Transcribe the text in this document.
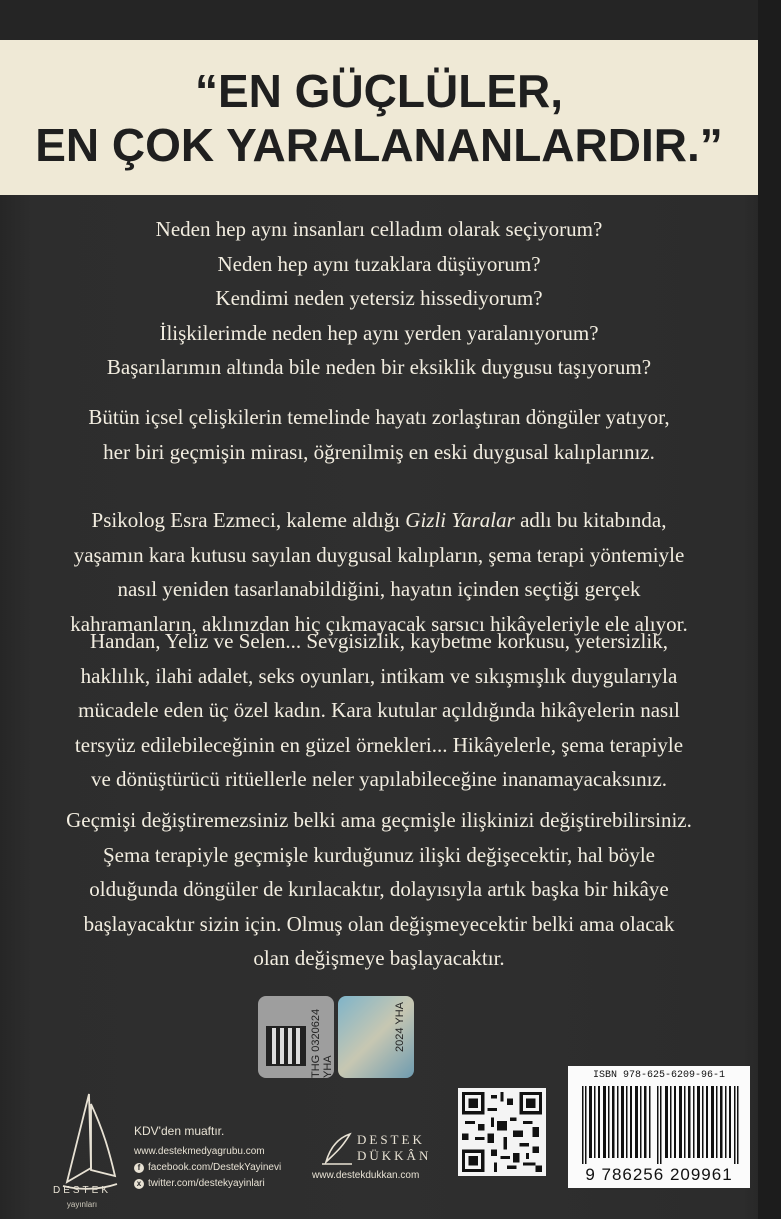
“EN GÜÇLÜLER,
EN ÇOK YARALANANLARDIR.”
Neden hep aynı insanları celladım olarak seçiyorum?
Neden hep aynı tuzaklara düşüyorum?
Kendimi neden yetersiz hissediyorum?
İlişkilerimde neden hep aynı yerden yaralanıyorum?
Başarılarımın altında bile neden bir eksiklik duygusu taşıyorum?
Bütün içsel çelişkilerin temelinde hayatı zorlaştıran döngüler yatıyor,
her biri geçmişin mirası, öğrenilmiş en eski duygusal kalıplarınız.
Psikolog Esra Ezmeci, kaleme aldığı Gizli Yaralar adlı bu kitabında,
yaşamın kara kutusu sayılan duygusal kalıpların, şema terapi yöntemiyle
nasıl yeniden tasarlanabildiğini, hayatın içinden seçtiği gerçek
kahramanların, aklınızdan hiç çıkmayacak sarsıcı hikâyeleriyle ele alıyor.
Handan, Yeliz ve Selen... Sevgisizlik, kaybetme korkusu, yetersizlik,
haklılık, ilahi adalet, seks oyunları, intikam ve sıkışmışlık duygularıyla
mücadele eden üç özel kadın. Kara kutular açıldığında hikâyelerin nasıl
tersyüz edilebileceğinin en güzel örnekleri... Hikâyelerle, şema terapiyle
ve dönüştürücü ritüellerle neler yapılabileceğine inanamayacaksınız.
Geçmişi değiştiremezsiniz belki ama geçmişle ilişkinizi değiştirebilirsiniz.
Şema terapiyle geçmişle kurduğunuz ilişki değişecektir, hal böyle
olduğunda döngüler de kırılacaktır, dolayısıyla artık başka bir hikâye
başlayacaktır sizin için. Olmuş olan değişmeyecektir belki ama olacak
olan değişmeye başlayacaktır.
THG 0320624 YHA
2024 YHA
DESTEK
yayınları
KDV'den muaftır.
www.destekmedyagrubu.com
f facebook.com/DestekYayinevi
x twitter.com/destekyayinlari
DESTEK
DÜKKÂN
www.destekdukkan.com
ISBN 978-625-6209-96-1
9 786256 209961
